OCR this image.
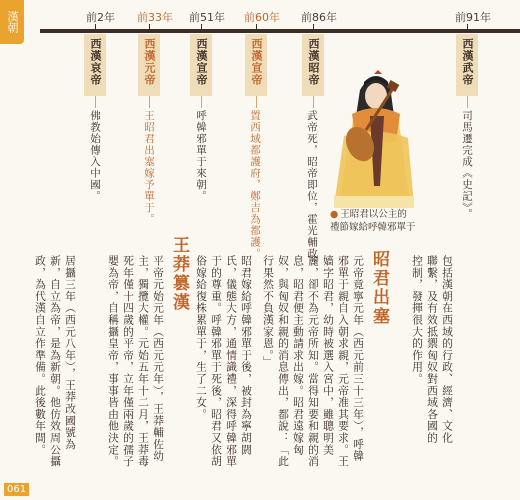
漢朝	前2年
西漢哀帝
佛教始傳入中國。
前33年
西漢元帝
王昭君出塞嫁予單于。
前51年
西漢宣帝
呼韓邪單于來朝。
前60年
西漢宣帝
置西域都護府，鄭吉為都護。
前86年
西漢昭帝
武帝死，昭帝即位，霍光輔政。
前91年
西漢武帝
司馬遷完成《史記》。
● 王昭君以公主的禮節嫁給呼韓邪單于
包括漢朝在西域的行政、經濟、文化聯繫，及有效抵禦匈奴對西域各國的控制，發揮很大的作用。
昭君出塞
元帝竟寧元年（西元前三十三年），呼韓邪單于親自入朝求親，元帝准其要求。王嫱字昭君，幼時被選入宮中，雖聰明美麗，卻不為元帝所知。當得知要和親的消息，昭君便主動請求出嫁。昭君遠嫁匈奴，與匈奴和親的消息傳出，都說：「此行果然不負漢家恩。」
昭君嫁給呼韓邪單于後，被封為寧胡閼氏，儀態大方，通情識禮，深得呼韓邪單于的尊重。呼韓邪單于死後，昭君又依胡俗嫁給復株累單于，生了二女。
王莽篡漢
平帝元始元年（西元元年），王莽輔佐幼主，獨攬大權。元始五年十二月，王莽毒死年僅十四歲的平帝，立年僅兩歲的孺子嬰為帝，自稱攝皇帝，事事皆由他決定。
居攝三年（西元八年），王莽改國號為新，自立為帝，是為新朝。他仿效周公攝政，為代漢自立作準備。此後數年間。
061
